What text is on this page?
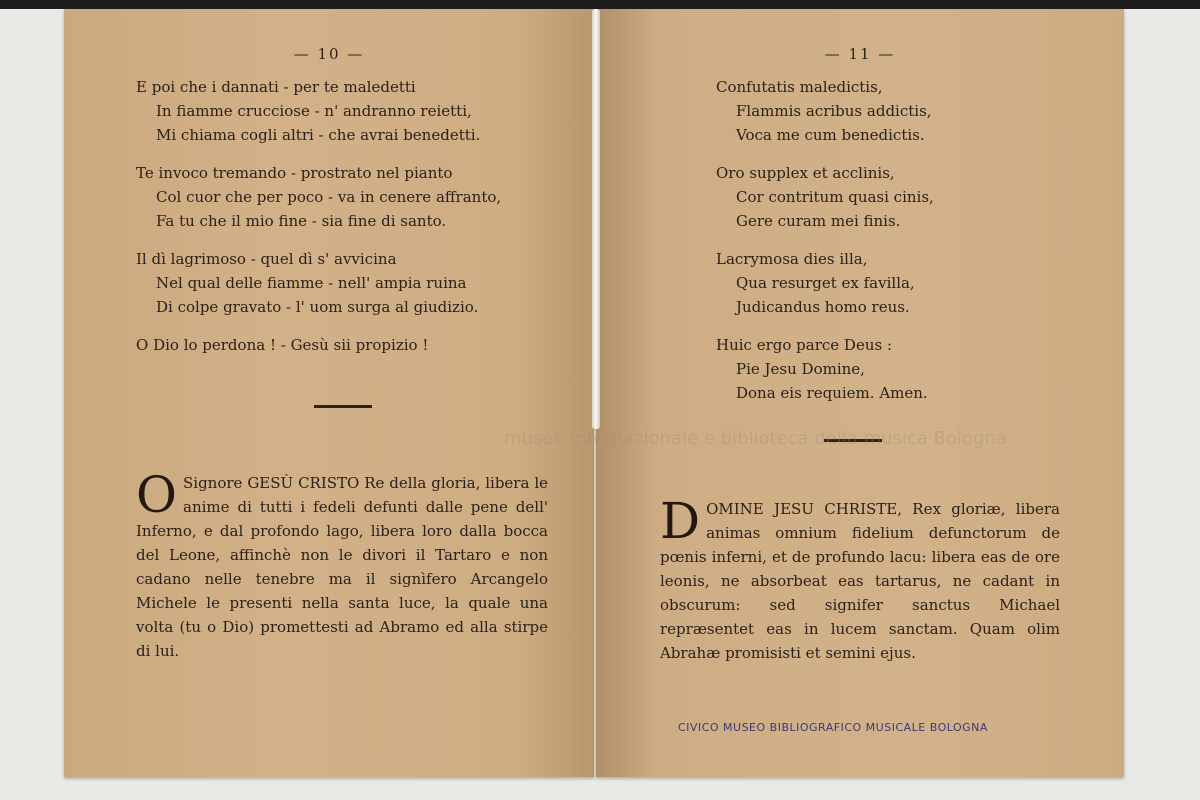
— 10 —
E poi che i dannati - per te maledetti
In fiamme crucciose - n' andranno reietti,
Mi chiama cogli altri - che avrai benedetti.
Te invoco tremando - prostrato nel pianto
Col cuor che per poco - va in cenere affranto,
Fa tu che il mio fine - sia fine di santo.
Il dì lagrimoso - quel dì s' avvicina
Nel qual delle fiamme - nell' ampia ruina
Di colpe gravato - l' uom surga al giudizio.
O Dio lo perdona ! - Gesù sii propizio !
O Signore GESÙ CRISTO Re della gloria, libera le anime di tutti i fedeli defunti dalle pene dell' Inferno, e dal profondo lago, libera loro dalla bocca del Leone, affinchè non le divori il Tartaro e non cadano nelle tenebre ma il signìfero Arcangelo Michele le presenti nella santa luce, la quale una volta (tu o Dio) promettesti ad Abramo ed alla stirpe di lui.
— 11 —
Confutatis maledictis,
Flammis acribus addictis,
Voca me cum benedictis.
Oro supplex et acclinis,
Cor contritum quasi cinis,
Gere curam mei finis.
Lacrymosa dies illa,
Qua resurget ex favilla,
Judicandus homo reus.
Huic ergo parce Deus :
Pie Jesu Domine,
Dona eis requiem. Amen.
DOMINE JESU CHRISTE, Rex gloriæ, libera animas omnium fidelium defunctorum de pœnis inferni, et de profundo lacu: libera eas de ore leonis, ne absorbeat eas tartarus, ne cadant in obscurum: sed signifer sanctus Michael repræsentet eas in lucem sanctam. Quam olim Abrahæ promisisti et semini ejus.
CIVICO MUSEO BIBLIOGRAFICO MUSICALE BOLOGNA
museo internazionale e biblioteca della musica Bologna
